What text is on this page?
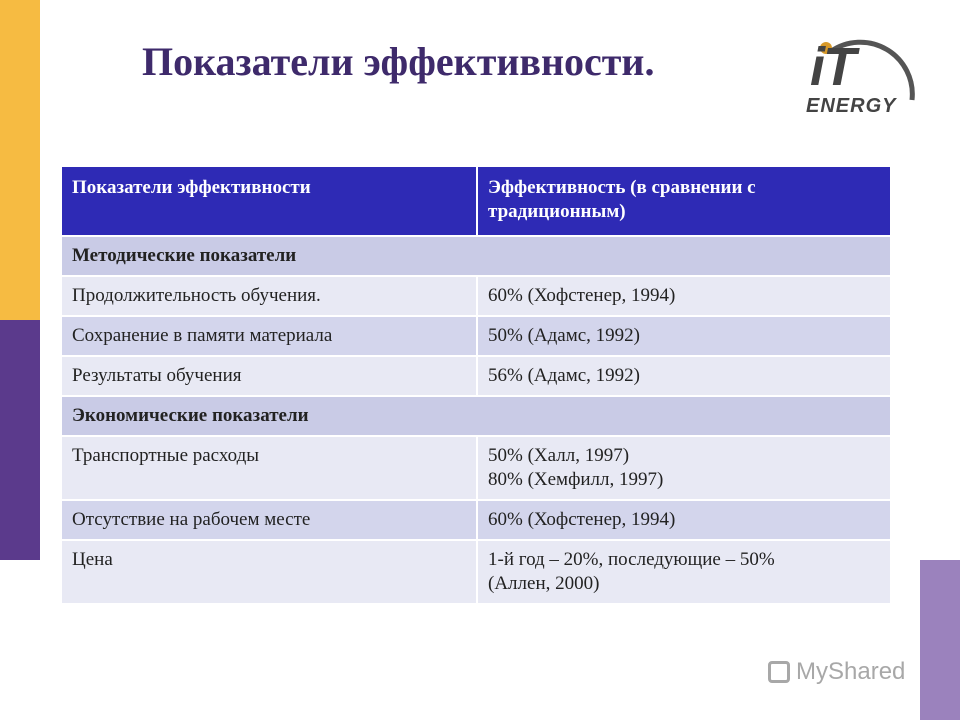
Показатели эффективности.	iT
ENERGY
Показатели эффективности	Эффективность (в сравнении с традиционным)
Методические показатели	
Продолжительность обучения.	60% (Хофстенер, 1994)
Сохранение в памяти материала	50% (Адамс, 1992)
Результаты обучения	56% (Адамс, 1992)
Экономические показатели	
Транспортные расходы	50% (Халл, 1997)
80% (Хемфилл, 1997)

Отсутствие на рабочем месте	60% (Хофстенер, 1994)
Цена	1-й год – 20%, последующие – 50%
(Аллен, 2000)
MyShared
